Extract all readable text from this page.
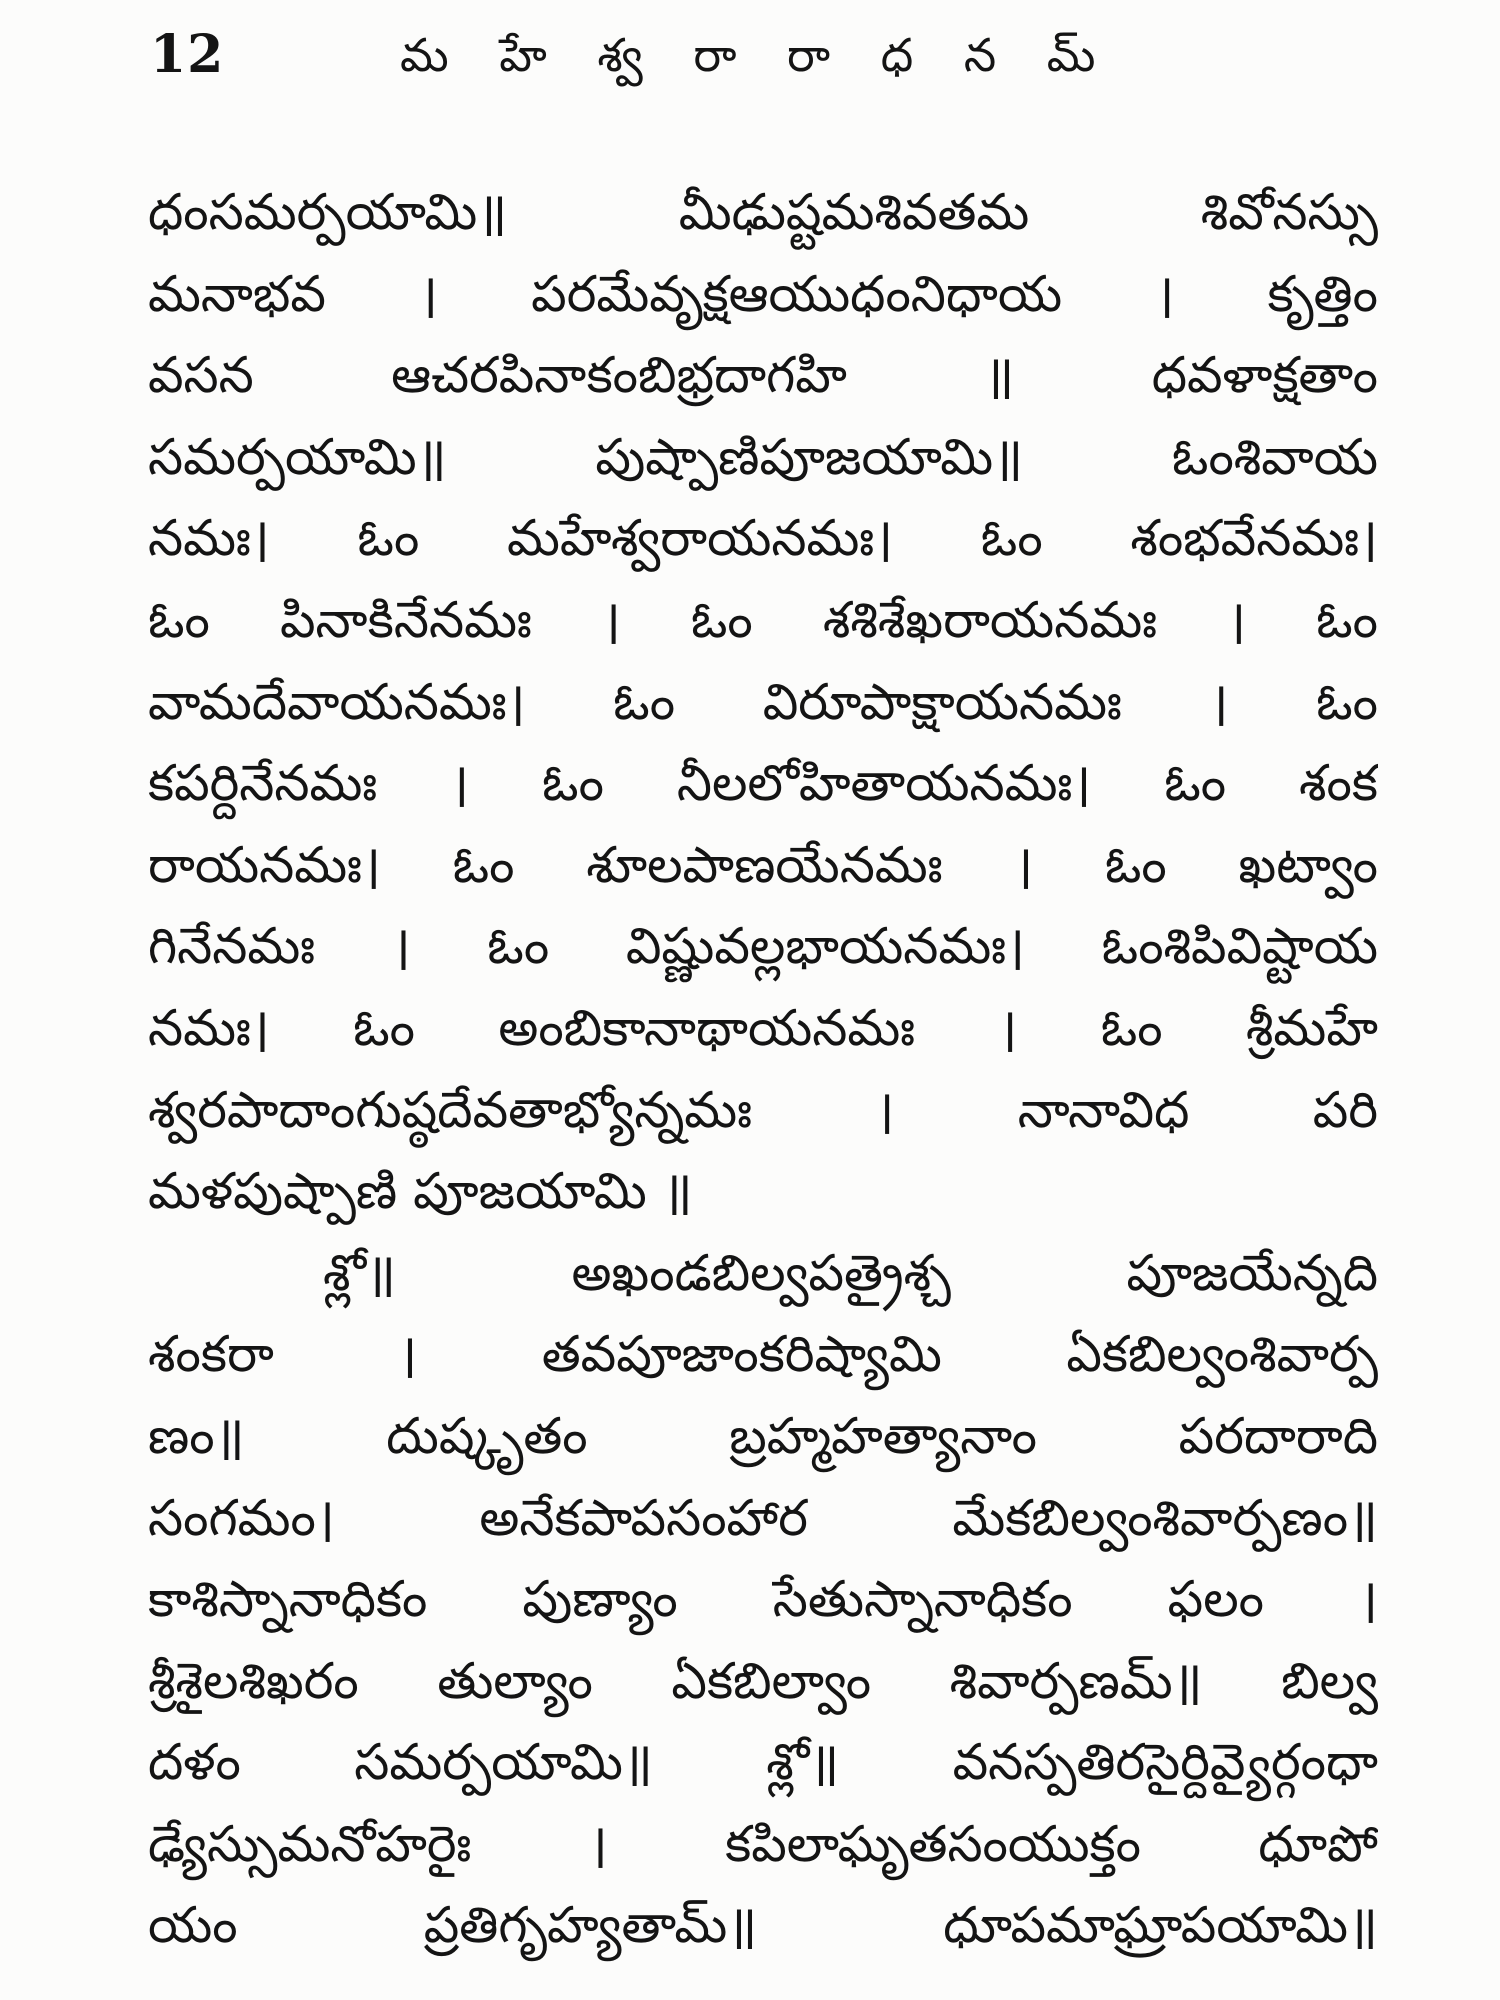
12	మ హే శ్వ రా రా ధ న మ్
ధంసమర్పయామి॥ మీఢుష్టమశివతమ శివోనస్సు
మనాభవ । పరమేవృక్షఆయుధంనిధాయ । కృత్తిం
వసన ఆచరపినాకంబిభ్రదాగహి ॥ ధవళాక్షతాం
సమర్పయామి॥ పుష్పాణిపూజయామి॥ ఓంశివాయ
నమః। ఓం మహేశ్వరాయనమః। ఓం శంభవేనమః।
ఓం పినాకినేనమః । ఓం శశిశేఖరాయనమః । ఓం
వామదేవాయనమః। ఓం విరూపాక్షాయనమః । ఓం
కపర్దినేనమః । ఓం నీలలోహితాయనమః। ఓం శంక
రాయనమః। ఓం శూలపాణయేనమః । ఓం ఖట్వాం
గినేనమః । ఓం విష్ణువల్లభాయనమః। ఓంశిపివిష్టాయ
నమః। ఓం అంబికానాథాయనమః । ఓం శ్రీమహే
శ్వరపాదాంగుష్ఠదేవతాభ్యోన్నమః । నానావిధ పరి
మళపుష్పాణి పూజయామి ॥
శ్లో॥ అఖండబిల్వపత్రైశ్చ పూజయేన్నది
శంకరా । తవపూజాంకరిష్యామి ఏకబిల్వంశివార్ప
ణం॥ దుష్కృతం బ్రహ్మహత్యానాం పరదారాది
సంగమం। అనేకపాపసంహార మేకబిల్వంశివార్పణం॥
కాశిస్నానాధికం పుణ్యాం సేతుస్నానాధికం ఫలం ।
శ్రీశైలశిఖరం తుల్యాం ఏకబిల్వాం శివార్పణమ్॥ బిల్వ
దళం సమర్పయామి॥ శ్లో॥ వనస్పతిరసైర్దివ్యైర్గంధా
ఢ్యేస్సుమనోహరైః । కపిలాఘృతసంయుక్తం ధూపో
యం ప్రతిగృహ్యతామ్॥ ధూపమాఘ్రాపయామి॥
